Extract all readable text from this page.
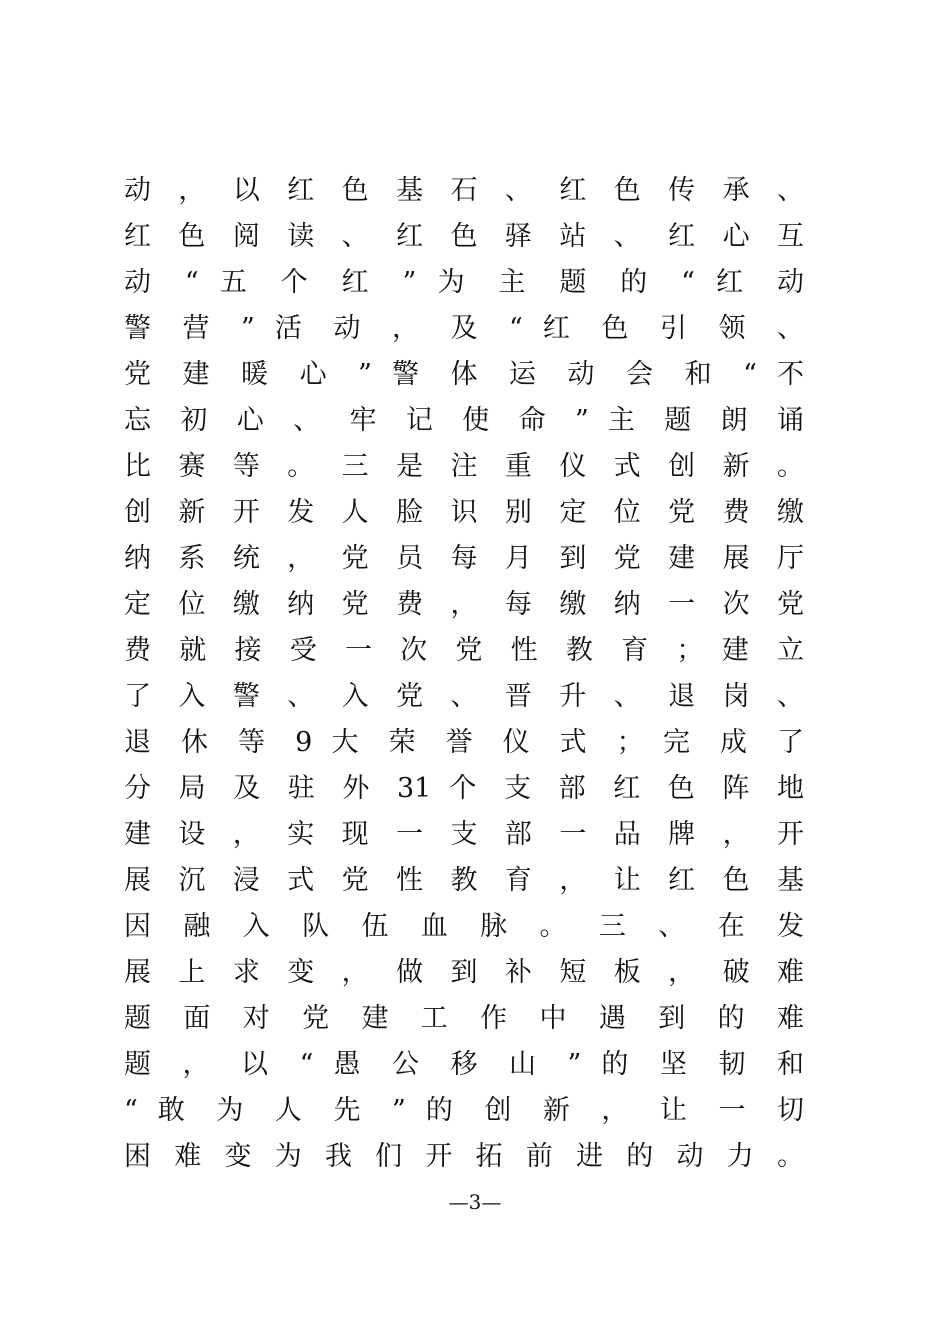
动 ， 以 红 色 基 石 、 红 色 传 承 、
红 色 阅 读 、 红 色 驿 站 、 红 心 互
动 “ 五 个 红 ” 为 主 题 的 “ 红 动
警 营 ” 活 动 ， 及 “ 红 色 引 领 、
党 建 暖 心 ” 警 体 运 动 会 和 “ 不
忘 初 心 、 牢 记 使 命 ” 主 题 朗 诵
比 赛 等 。 三 是 注 重 仪 式 创 新 。
创 新 开 发 人 脸 识 别 定 位 党 费 缴
纳 系 统 ， 党 员 每 月 到 党 建 展 厅
定 位 缴 纳 党 费 ， 每 缴 纳 一 次 党
费 就 接 受 一 次 党 性 教 育 ； 建 立
了 入 警 、 入 党 、 晋 升 、 退 岗 、
退 休 等 9 大 荣 誉 仪 式 ； 完 成 了
分 局 及 驻 外 31 个 支 部 红 色 阵 地
建 设 ， 实 现 一 支 部 一 品 牌 ， 开
展 沉 浸 式 党 性 教 育 ， 让 红 色 基
因 融 入 队 伍 血 脉 。 三 、 在 发
展 上 求 变 ， 做 到 补 短 板 ， 破 难
题 面 对 党 建 工 作 中 遇 到 的 难
题 ， 以 “ 愚 公 移 山 ” 的 坚 韧 和
“ 敢 为 人 先 ” 的 创 新 ， 让 一 切
困 难 变 为 我 们 开 拓 前 进 的 动 力 。
—3—
